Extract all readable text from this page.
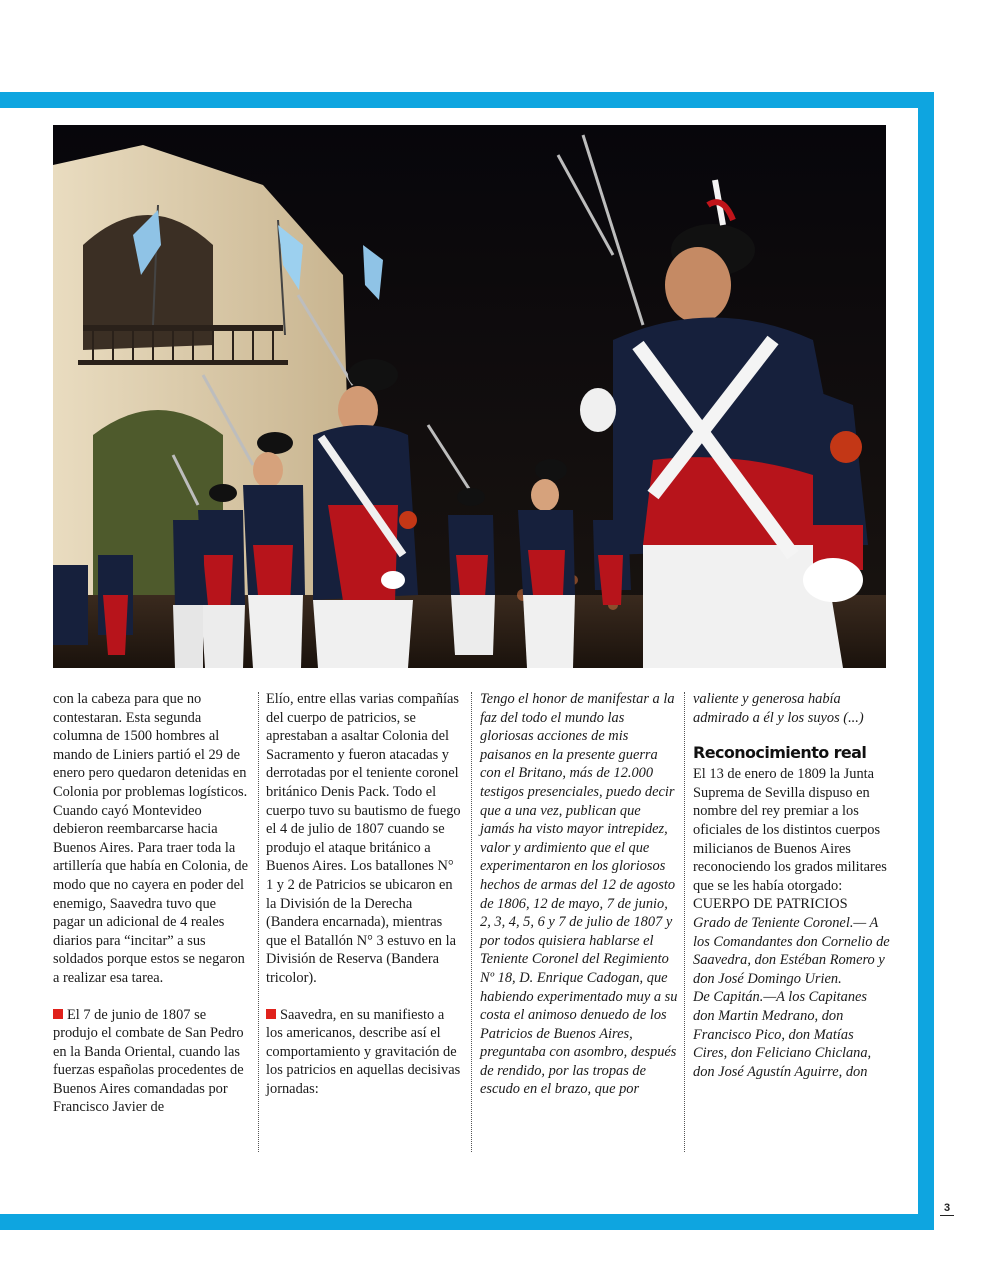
3

con la cabeza para que no contestaran. Esta segunda columna de 1500 hombres al mando de Liniers partió el 29 de enero pero quedaron detenidas en Colonia por problemas logísticos. Cuando cayó Montevideo debieron reembarcarse hacia Buenos Aires. Para traer toda la artillería que había en Colonia, de modo que no cayera en poder del enemigo, Saavedra tuvo que pagar un adicional de 4 reales diarios para “incitar” a sus soldados porque estos se negaron a realizar esa tarea.

El 7 de junio de 1807 se produjo el combate de San Pedro en la Banda Oriental, cuando las fuerzas españolas procedentes de Buenos Aires comandadas por Francisco Javier de

Elío, entre ellas varias compañías del cuerpo de patricios, se aprestaban a asaltar Colonia del Sacramento y fueron atacadas y derrotadas por el teniente coronel británico Denis Pack. Todo el cuerpo tuvo su bautismo de fuego el 4 de julio de 1807 cuando se produjo el ataque británico a Buenos Aires. Los batallones N° 1 y 2 de Patricios se ubicaron en la División de la Derecha (Bandera encarnada), mientras que el Batallón N° 3 estuvo en la División de Reserva (Bandera tricolor).

Saavedra, en su manifiesto a los americanos, describe así el comportamiento y gravitación de los patricios en aquellas decisivas jornadas:

Tengo el honor de manifestar a la faz del todo el mundo las gloriosas acciones de mis paisanos en la presente guerra con el Britano, más de 12.000 testigos presenciales, puedo decir que a una vez, publican que jamás ha visto mayor intrepidez, valor y ardimiento que el que experimentaron en los gloriosos hechos de armas del 12 de agosto de 1806, 12 de mayo, 7 de junio, 2, 3, 4, 5, 6 y 7 de julio de 1807 y por todos quisiera hablarse el Teniente Coronel del Regimiento Nº 18, D. Enrique Cadogan, que habiendo experimentado muy a su costa el animoso denuedo de los Patricios de Buenos Aires, preguntaba con asombro, después de rendido, por las tropas de escudo en el brazo, que por

valiente y generosa había admirado a él y los suyos (...)

Reconocimiento real
El 13 de enero de 1809 la Junta Suprema de Sevilla dispuso en nombre del rey premiar a los oficiales de los distintos cuerpos milicianos de Buenos Aires reconociendo los grados militares que se les había otorgado:
CUERPO DE PATRICIOS
Grado de Teniente Coronel.— A los Comandantes don Cornelio de Saavedra, don Estéban Romero y don José Domingo Urien.
De Capitán.—A los Capitanes don Martin Medrano, don Francisco Pico, don Matías Cires, don Feliciano Chiclana, don José Agustín Aguirre, don
